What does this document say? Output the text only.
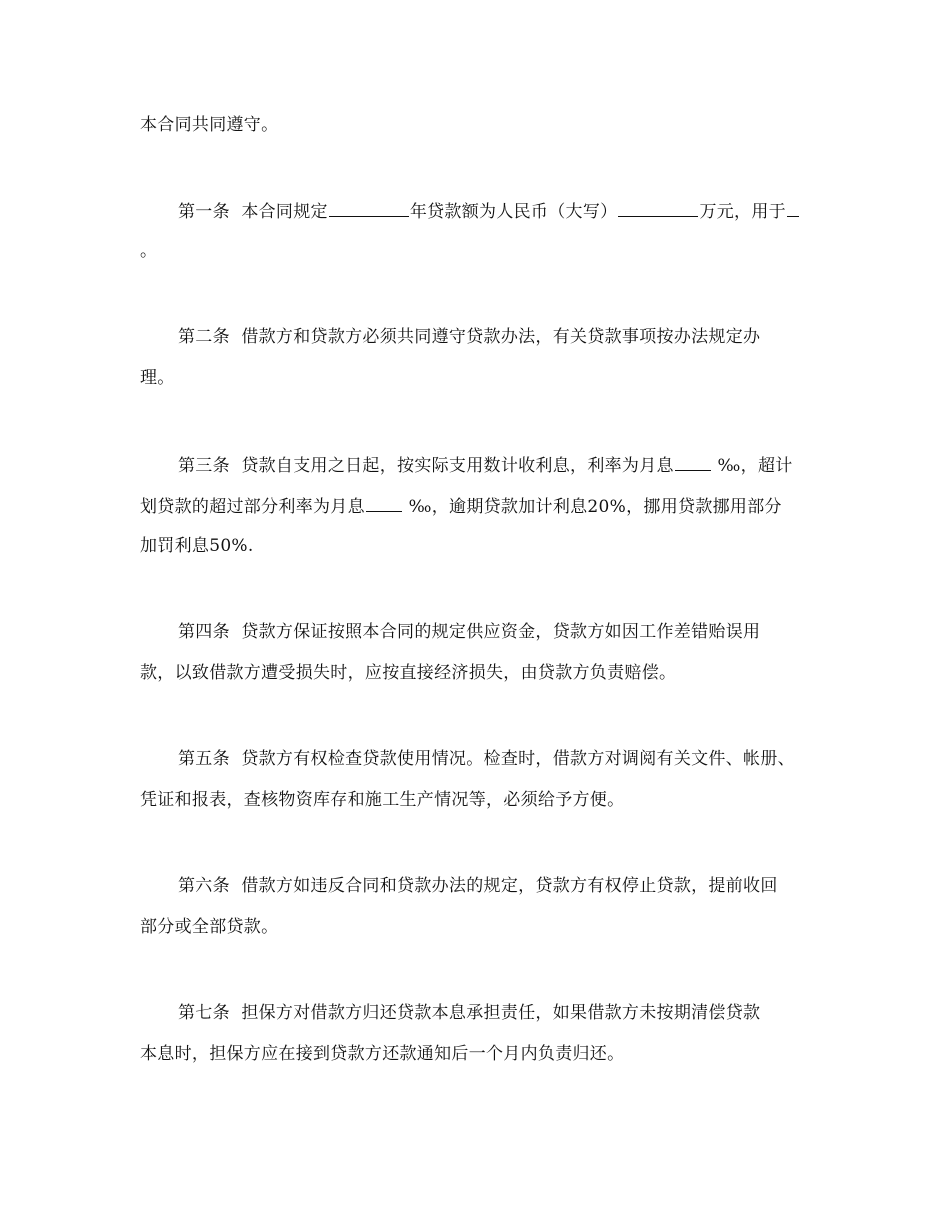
本合同共同遵守。
第一条 本合同规定	年贷款额为人民币（大写）	万元，用于
。
第二条 借款方和贷款方必须共同遵守贷款办法，有关贷款事项按办法规定办
理。
第三条 贷款自支用之日起，按实际支用数计收利息，利率为月息	‰，超计
划贷款的超过部分利率为月息	‰，逾期贷款加计利息20%，挪用贷款挪用部分
加罚利息50%.
第四条 贷款方保证按照本合同的规定供应资金，贷款方如因工作差错贻误用
款，以致借款方遭受损失时，应按直接经济损失，由贷款方负责赔偿。
第五条 贷款方有权检查贷款使用情况。检查时，借款方对调阅有关文件、帐册、
凭证和报表，查核物资库存和施工生产情况等，必须给予方便。
第六条 借款方如违反合同和贷款办法的规定，贷款方有权停止贷款，提前收回
部分或全部贷款。
第七条 担保方对借款方归还贷款本息承担责任，如果借款方未按期清偿贷款
本息时，担保方应在接到贷款方还款通知后一个月内负责归还。
